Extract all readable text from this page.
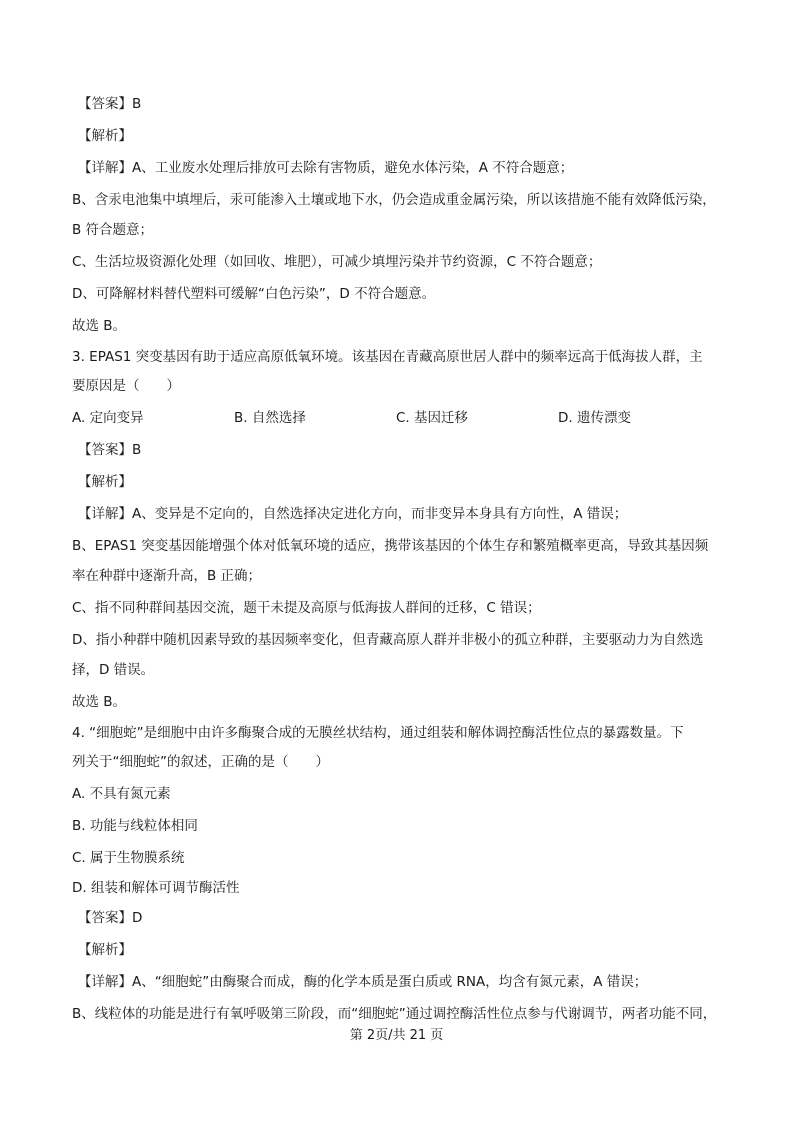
【答案】B
【解析】
【详解】A、工业废水处理后排放可去除有害物质，避免水体污染，A 不符合题意；
B、含汞电池集中填埋后，汞可能渗入土壤或地下水，仍会造成重金属污染，所以该措施不能有效降低污染，
B 符合题意；
C、生活垃圾资源化处理（如回收、堆肥），可减少填埋污染并节约资源，C 不符合题意；
D、可降解材料替代塑料可缓解“白色污染”，D 不符合题意。
故选 B。
3. EPAS1 突变基因有助于适应高原低氧环境。该基因在青藏高原世居人群中的频率远高于低海拔人群，主
要原因是（　　）
A. 定向变异	B. 自然选择	C. 基因迁移	D. 遗传漂变
【答案】B
【解析】
【详解】A、变异是不定向的，自然选择决定进化方向，而非变异本身具有方向性，A 错误；
B、EPAS1 突变基因能增强个体对低氧环境的适应，携带该基因的个体生存和繁殖概率更高，导致其基因频
率在种群中逐渐升高，B 正确；
C、指不同种群间基因交流，题干未提及高原与低海拔人群间的迁移，C 错误；
D、指小种群中随机因素导致的基因频率变化，但青藏高原人群并非极小的孤立种群，主要驱动力为自然选
择，D 错误。
故选 B。
4. “细胞蛇”是细胞中由许多酶聚合成的无膜丝状结构，通过组装和解体调控酶活性位点的暴露数量。下
列关于“细胞蛇”的叙述，正确的是（　　）
A. 不具有氮元素
B. 功能与线粒体相同
C. 属于生物膜系统
D. 组装和解体可调节酶活性
【答案】D
【解析】
【详解】A、“细胞蛇”由酶聚合而成，酶的化学本质是蛋白质或 RNA，均含有氮元素，A 错误；
B、线粒体的功能是进行有氧呼吸第三阶段，而“细胞蛇”通过调控酶活性位点参与代谢调节，两者功能不同，
第 2页/共 21 页
